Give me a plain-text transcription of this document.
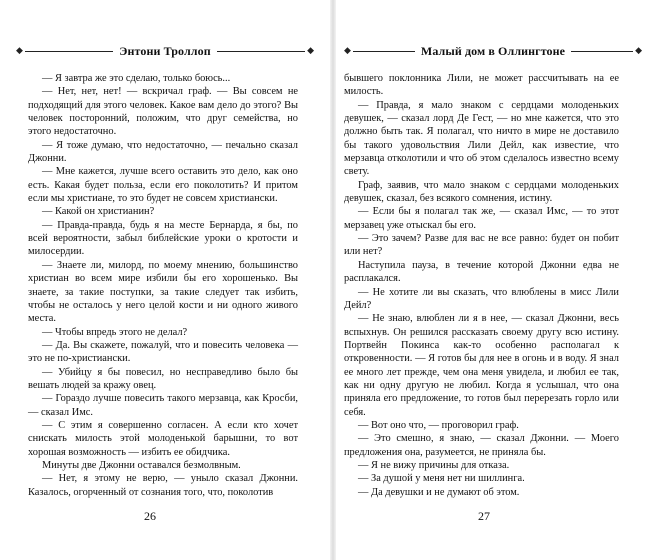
◆	Энтони Троллоп	◆

— Я завтра же это сделаю, только боюсь...

— Нет, нет, нет! — вскричал граф. — Вы совсем не подходящий для этого человек. Какое вам дело до этого? Вы человек посторонний, положим, что друг семейства, но этого недостаточно.

— Я тоже думаю, что недостаточно, — печально сказал Джонни.

— Мне кажется, лучше всего оставить это дело, как оно есть. Какая будет польза, если его поколотить? И притом если мы христиане, то это будет не совсем христиански.

— Какой он христианин?

— Правда-правда, будь я на месте Бернарда, я бы, по всей вероятности, забыл библейские уроки о кротости и милосердии.

— Знаете ли, милорд, по моему мнению, большинство христиан во всем мире избили бы его хорошенько. Вы знаете, за такие поступки, за такие следует так избить, чтобы не осталось у негo целой кости и ни одного живого места.

— Чтобы впредь этого не делал?

— Да. Вы скажете, пожалуй, что и повесить человека — это не по-христиански.

— Убийцу я бы повесил, но несправедливо было бы вешать людей за кражу овец.

— Гораздо лучше повесить такого мерзавца, как Кросби, — сказал Имс.

— С этим я совершенно согласен. А если кто хочет снискать милость этой молоденькой барышни, то вот хорошая возможность — избить ее обидчика.

Минуты две Джонни оставался безмолвным.

— Нет, я этому не верю, — уныло сказал Джонни. Казалось, огорченный от сознания того, что, поколотив

26
◆	Малый дом в Оллингтоне	◆

бывшего поклонника Лили, не может рассчитывать на ее милость.

— Правда, я мало знаком с сердцами молоденьких девушек, — сказал лорд Де Гест, — но мне кажется, что это должно быть так. Я полагал, что ничто в мире не доставило бы такого удовольствия Лили Дейл, как известие, что мерзавца отколотили и что об этом сделалось известно всему свету.

Граф, заявив, что мало знаком с сердцами молоденьких девушек, сказал, без всякого сомнения, истину.

— Если бы я полагал так же, — сказал Имс, — то этот мерзавец уже отыскал бы его.

— Это зачем? Разве для вас не все равно: будет он побит или нет?

Наступила пауза, в течение которой Джонни едва не расплакался.

— Не хотите ли вы сказать, что влюблены в мисс Лили Дейл?

— Не знаю, влюблен ли я в нее, — сказал Джонни, весь вспыхнув. Он решился рассказать своему другу всю истину. Портвейн Покинса как-то особенно располагал к откровенности. — Я готов бы для нее в огонь и в воду. Я знал ее много лет прежде, чем она меня увидела, и любил ее так, как ни одну другую не любил. Когда я услышал, что она приняла его предложение, то готов был перерезать горло или себя.

— Вот оно что, — проговорил граф.

— Это смешно, я знаю, — сказал Джонни. — Моего предложения она, разумеется, не приняла бы.

— Я не вижу причины для отказа.

— За душой у меня нет ни шиллинга.

— Да девушки и не думают об этом.

27
